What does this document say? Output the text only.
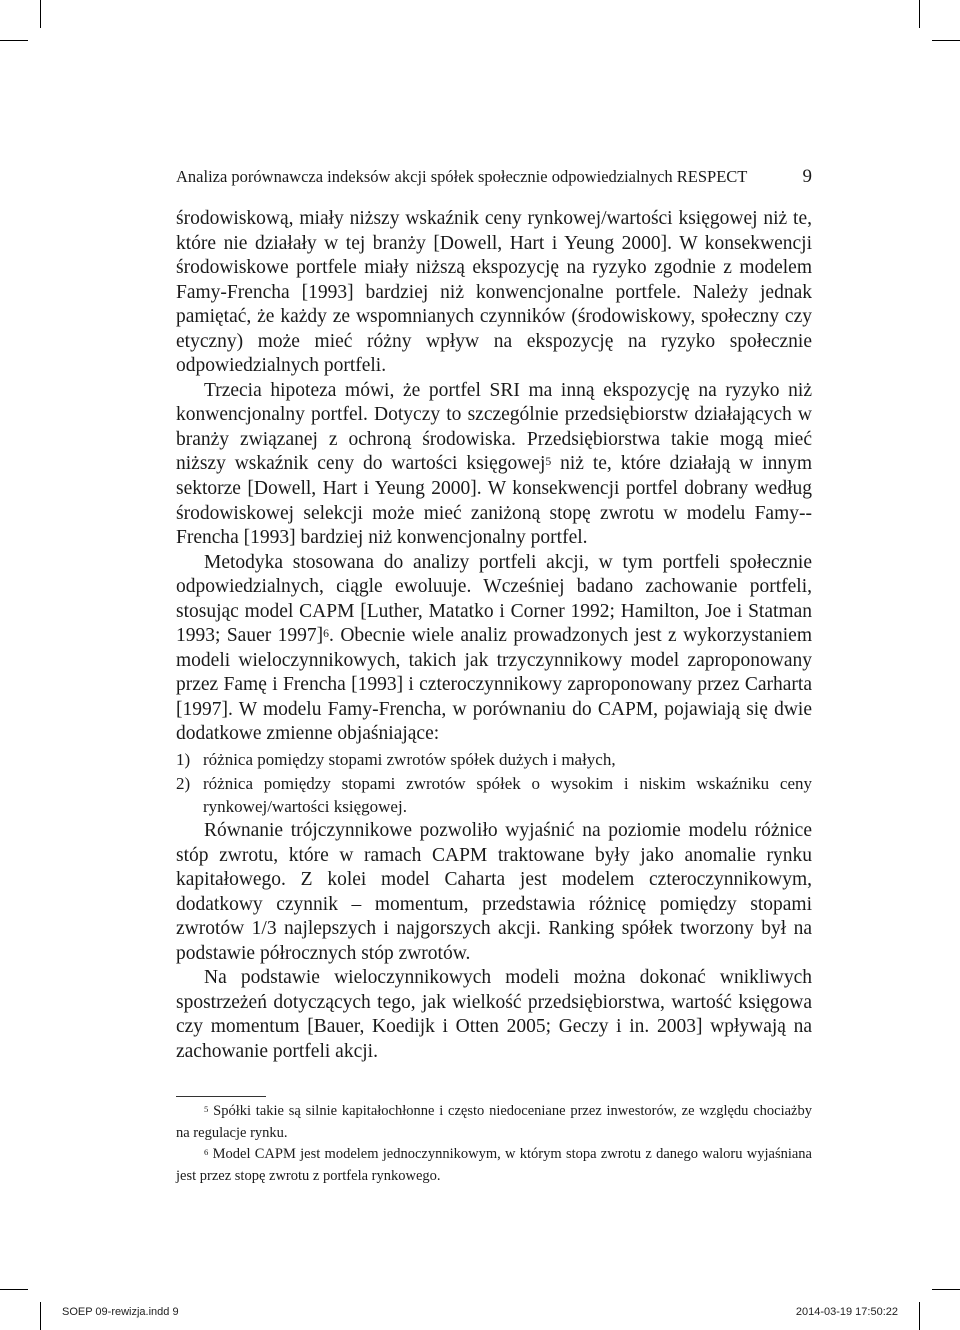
Analiza porównawcza indeksów akcji spółek społecznie odpowiedzialnych RESPECT	9

środowiskową, miały niższy wskaźnik ceny rynkowej/wartości księgowej niż te, które nie działały w tej branży [Dowell, Hart i Yeung 2000]. W konsekwencji środowiskowe portfele miały niższą ekspozycję na ryzyko zgodnie z modelem Famy-Frencha [1993] bardziej niż konwencjonalne portfele. Należy jednak pamiętać, że każdy ze wspomnianych czynników (środowiskowy, społeczny czy etyczny) może mieć różny wpływ na ekspozycję na ryzyko społecznie odpowiedzialnych portfeli.

Trzecia hipoteza mówi, że portfel SRI ma inną ekspozycję na ryzyko niż konwencjonalny portfel. Dotyczy to szczególnie przedsiębiorstw działających w branży związanej z ochroną środowiska. Przedsiębiorstwa takie mogą mieć niższy wskaźnik ceny do wartości księgowej$^5$ niż te, które działają w innym sektorze [Dowell, Hart i Yeung 2000]. W konsekwencji portfel dobrany według środowiskowej selekcji może mieć zaniżoną stopę zwrotu w modelu Famy--Frencha [1993] bardziej niż konwencjonalny portfel.

Metodyka stosowana do analizy portfeli akcji, w tym portfeli społecznie odpowiedzialnych, ciągle ewoluuje. Wcześniej badano zachowanie portfeli, stosując model CAPM [Luther, Matatko i Corner 1992; Hamilton, Joe i Statman 1993; Sauer 1997]$^6$. Obecnie wiele analiz prowadzonych jest z wykorzystaniem modeli wieloczynnikowych, takich jak trzyczynnikowy model zaproponowany przez Famę i Frencha [1993] i czteroczynnikowy zaproponowany przez Carharta [1997]. W modelu Famy-Frencha, w porównaniu do CAPM, pojawiają się dwie dodatkowe zmienne objaśniające:

1) różnica pomiędzy stopami zwrotów spółek dużych i małych,
2) różnica pomiędzy stopami zwrotów spółek o wysokim i niskim wskaźniku ceny rynkowej/wartości księgowej.

Równanie trójczynnikowe pozwoliło wyjaśnić na poziomie modelu różnice stóp zwrotu, które w ramach CAPM traktowane były jako anomalie rynku kapitałowego. Z kolei model Caharta jest modelem czteroczynnikowym, dodatkowy czynnik – momentum, przedstawia różnicę pomiędzy stopami zwrotów 1/3 najlepszych i najgorszych akcji. Ranking spółek tworzony był na podstawie półrocznych stóp zwrotów.

Na podstawie wieloczynnikowych modeli można dokonać wnikliwych spostrzeżeń dotyczących tego, jak wielkość przedsiębiorstwa, wartość księgowa czy momentum [Bauer, Koedijk i Otten 2005; Geczy i in. 2003] wpływają na zachowanie portfeli akcji.

$^5$ Spółki takie są silnie kapitałochłonne i często niedoceniane przez inwestorów, ze względu chociażby na regulacje rynku.

$^6$ Model CAPM jest modelem jednoczynnikowym, w którym stopa zwrotu z danego waloru wyjaśniana jest przez stopę zwrotu z portfela rynkowego.

SOEP 09-rewizja.indd 9	2014-03-19 17:50:22
